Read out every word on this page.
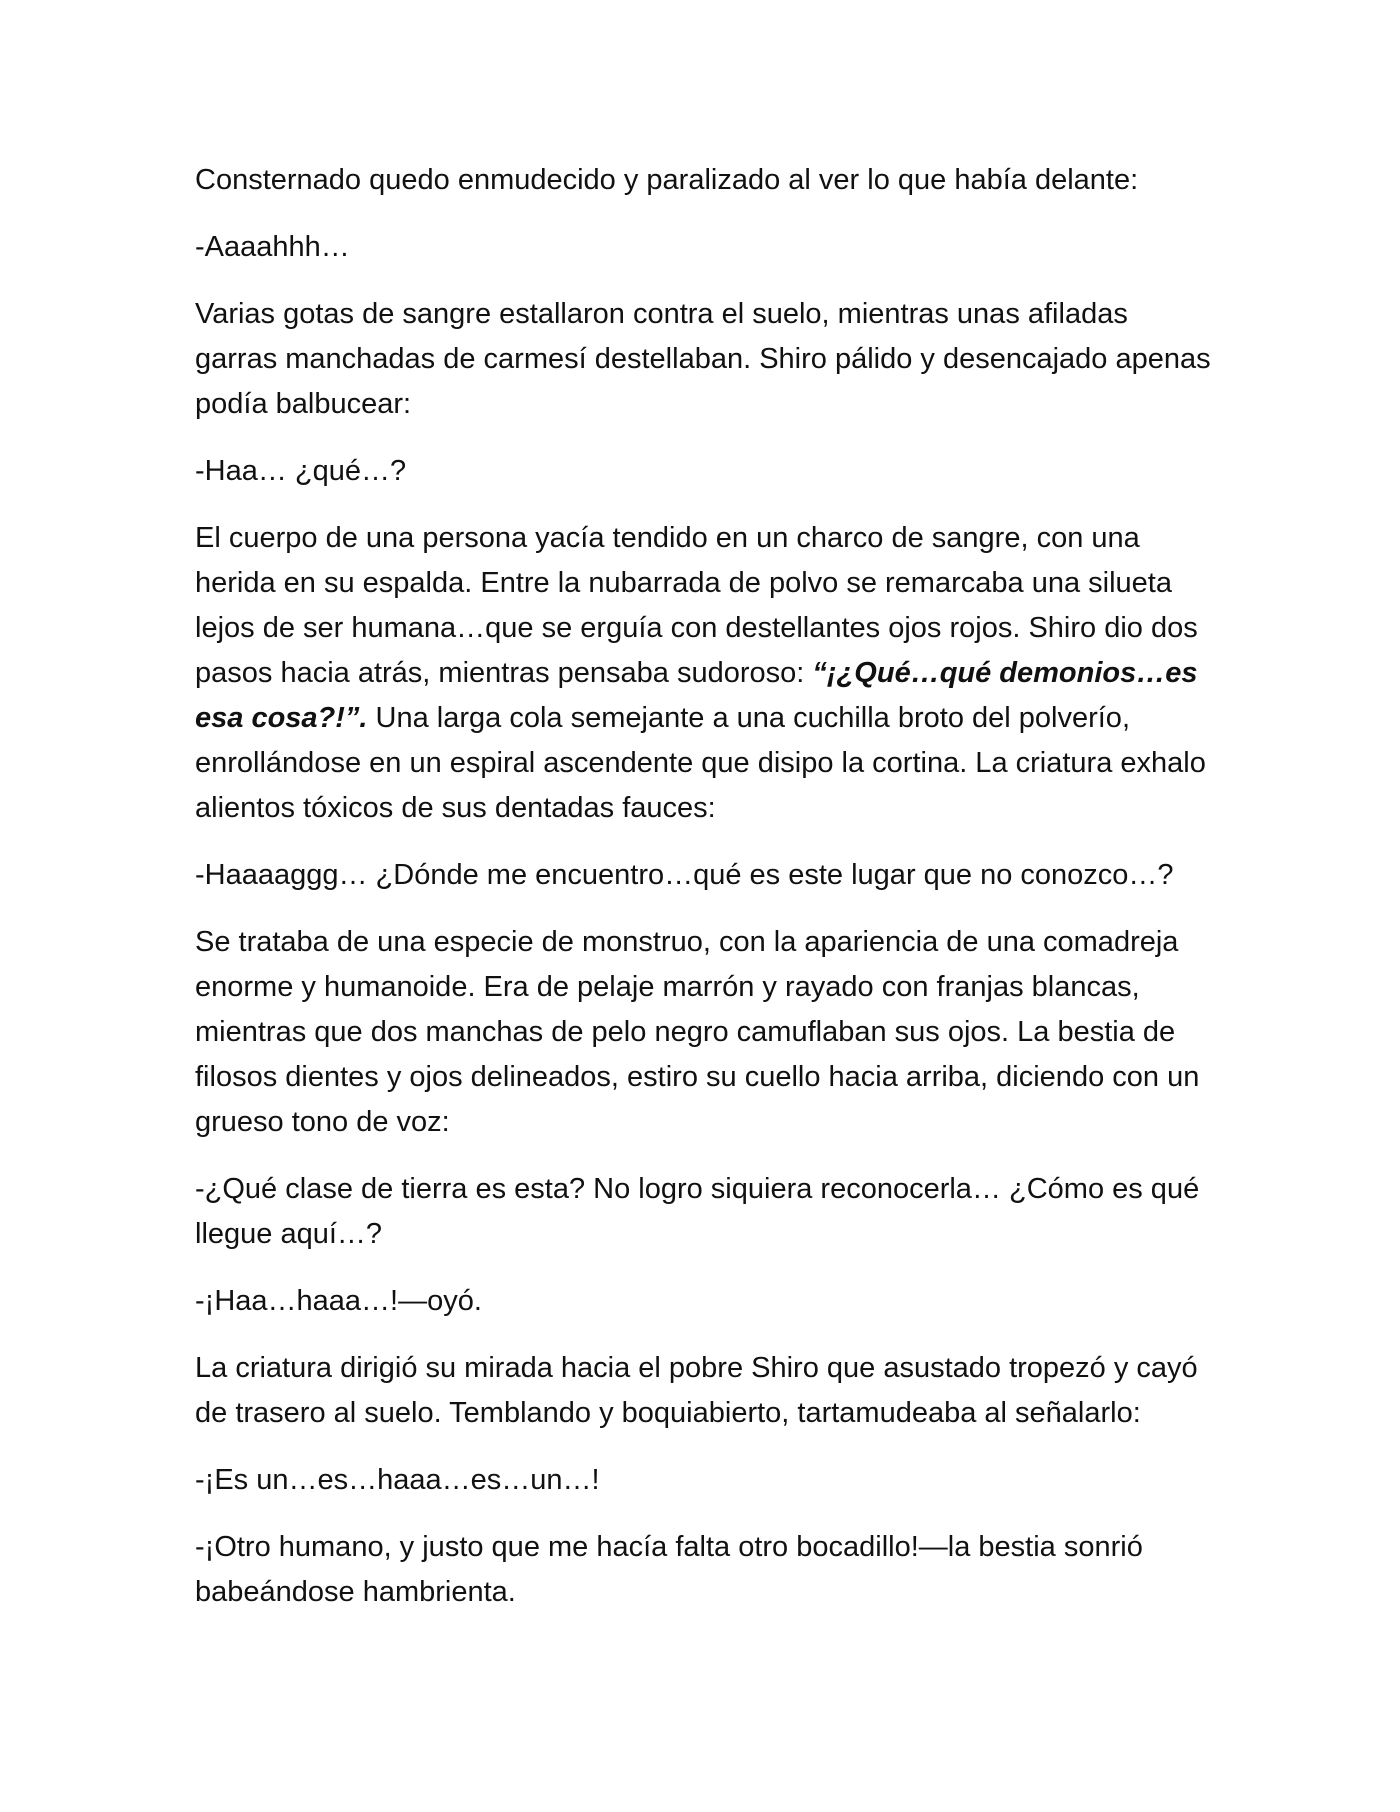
Consternado quedo enmudecido y paralizado al ver lo que había delante:

-Aaaahhh…

Varias gotas de sangre estallaron contra el suelo, mientras unas afiladas garras manchadas de carmesí destellaban. Shiro pálido y desencajado apenas podía balbucear:

-Haa… ¿qué…?

El cuerpo de una persona yacía tendido en un charco de sangre, con una herida en su espalda. Entre la nubarrada de polvo se remarcaba una silueta lejos de ser humana…que se erguía con destellantes ojos rojos. Shiro dio dos pasos hacia atrás, mientras pensaba sudoroso: “¡¿Qué…qué demonios…es esa cosa?!”. Una larga cola semejante a una cuchilla broto del polverío, enrollándose en un espiral ascendente que disipo la cortina. La criatura exhalo alientos tóxicos de sus dentadas fauces:

-Haaaaggg… ¿Dónde me encuentro…qué es este lugar que no conozco…?

Se trataba de una especie de monstruo, con la apariencia de una comadreja enorme y humanoide. Era de pelaje marrón y rayado con franjas blancas, mientras que dos manchas de pelo negro camuflaban sus ojos. La bestia de filosos dientes y ojos delineados, estiro su cuello hacia arriba, diciendo con un grueso tono de voz:

-¿Qué clase de tierra es esta? No logro siquiera reconocerla… ¿Cómo es qué llegue aquí…?

-¡Haa…haaa…!—oyó.

La criatura dirigió su mirada hacia el pobre Shiro que asustado tropezó y cayó de trasero al suelo. Temblando y boquiabierto, tartamudeaba al señalarlo:

-¡Es un…es…haaa…es…un…!

-¡Otro humano, y justo que me hacía falta otro bocadillo!—la bestia sonrió babeándose hambrienta.
